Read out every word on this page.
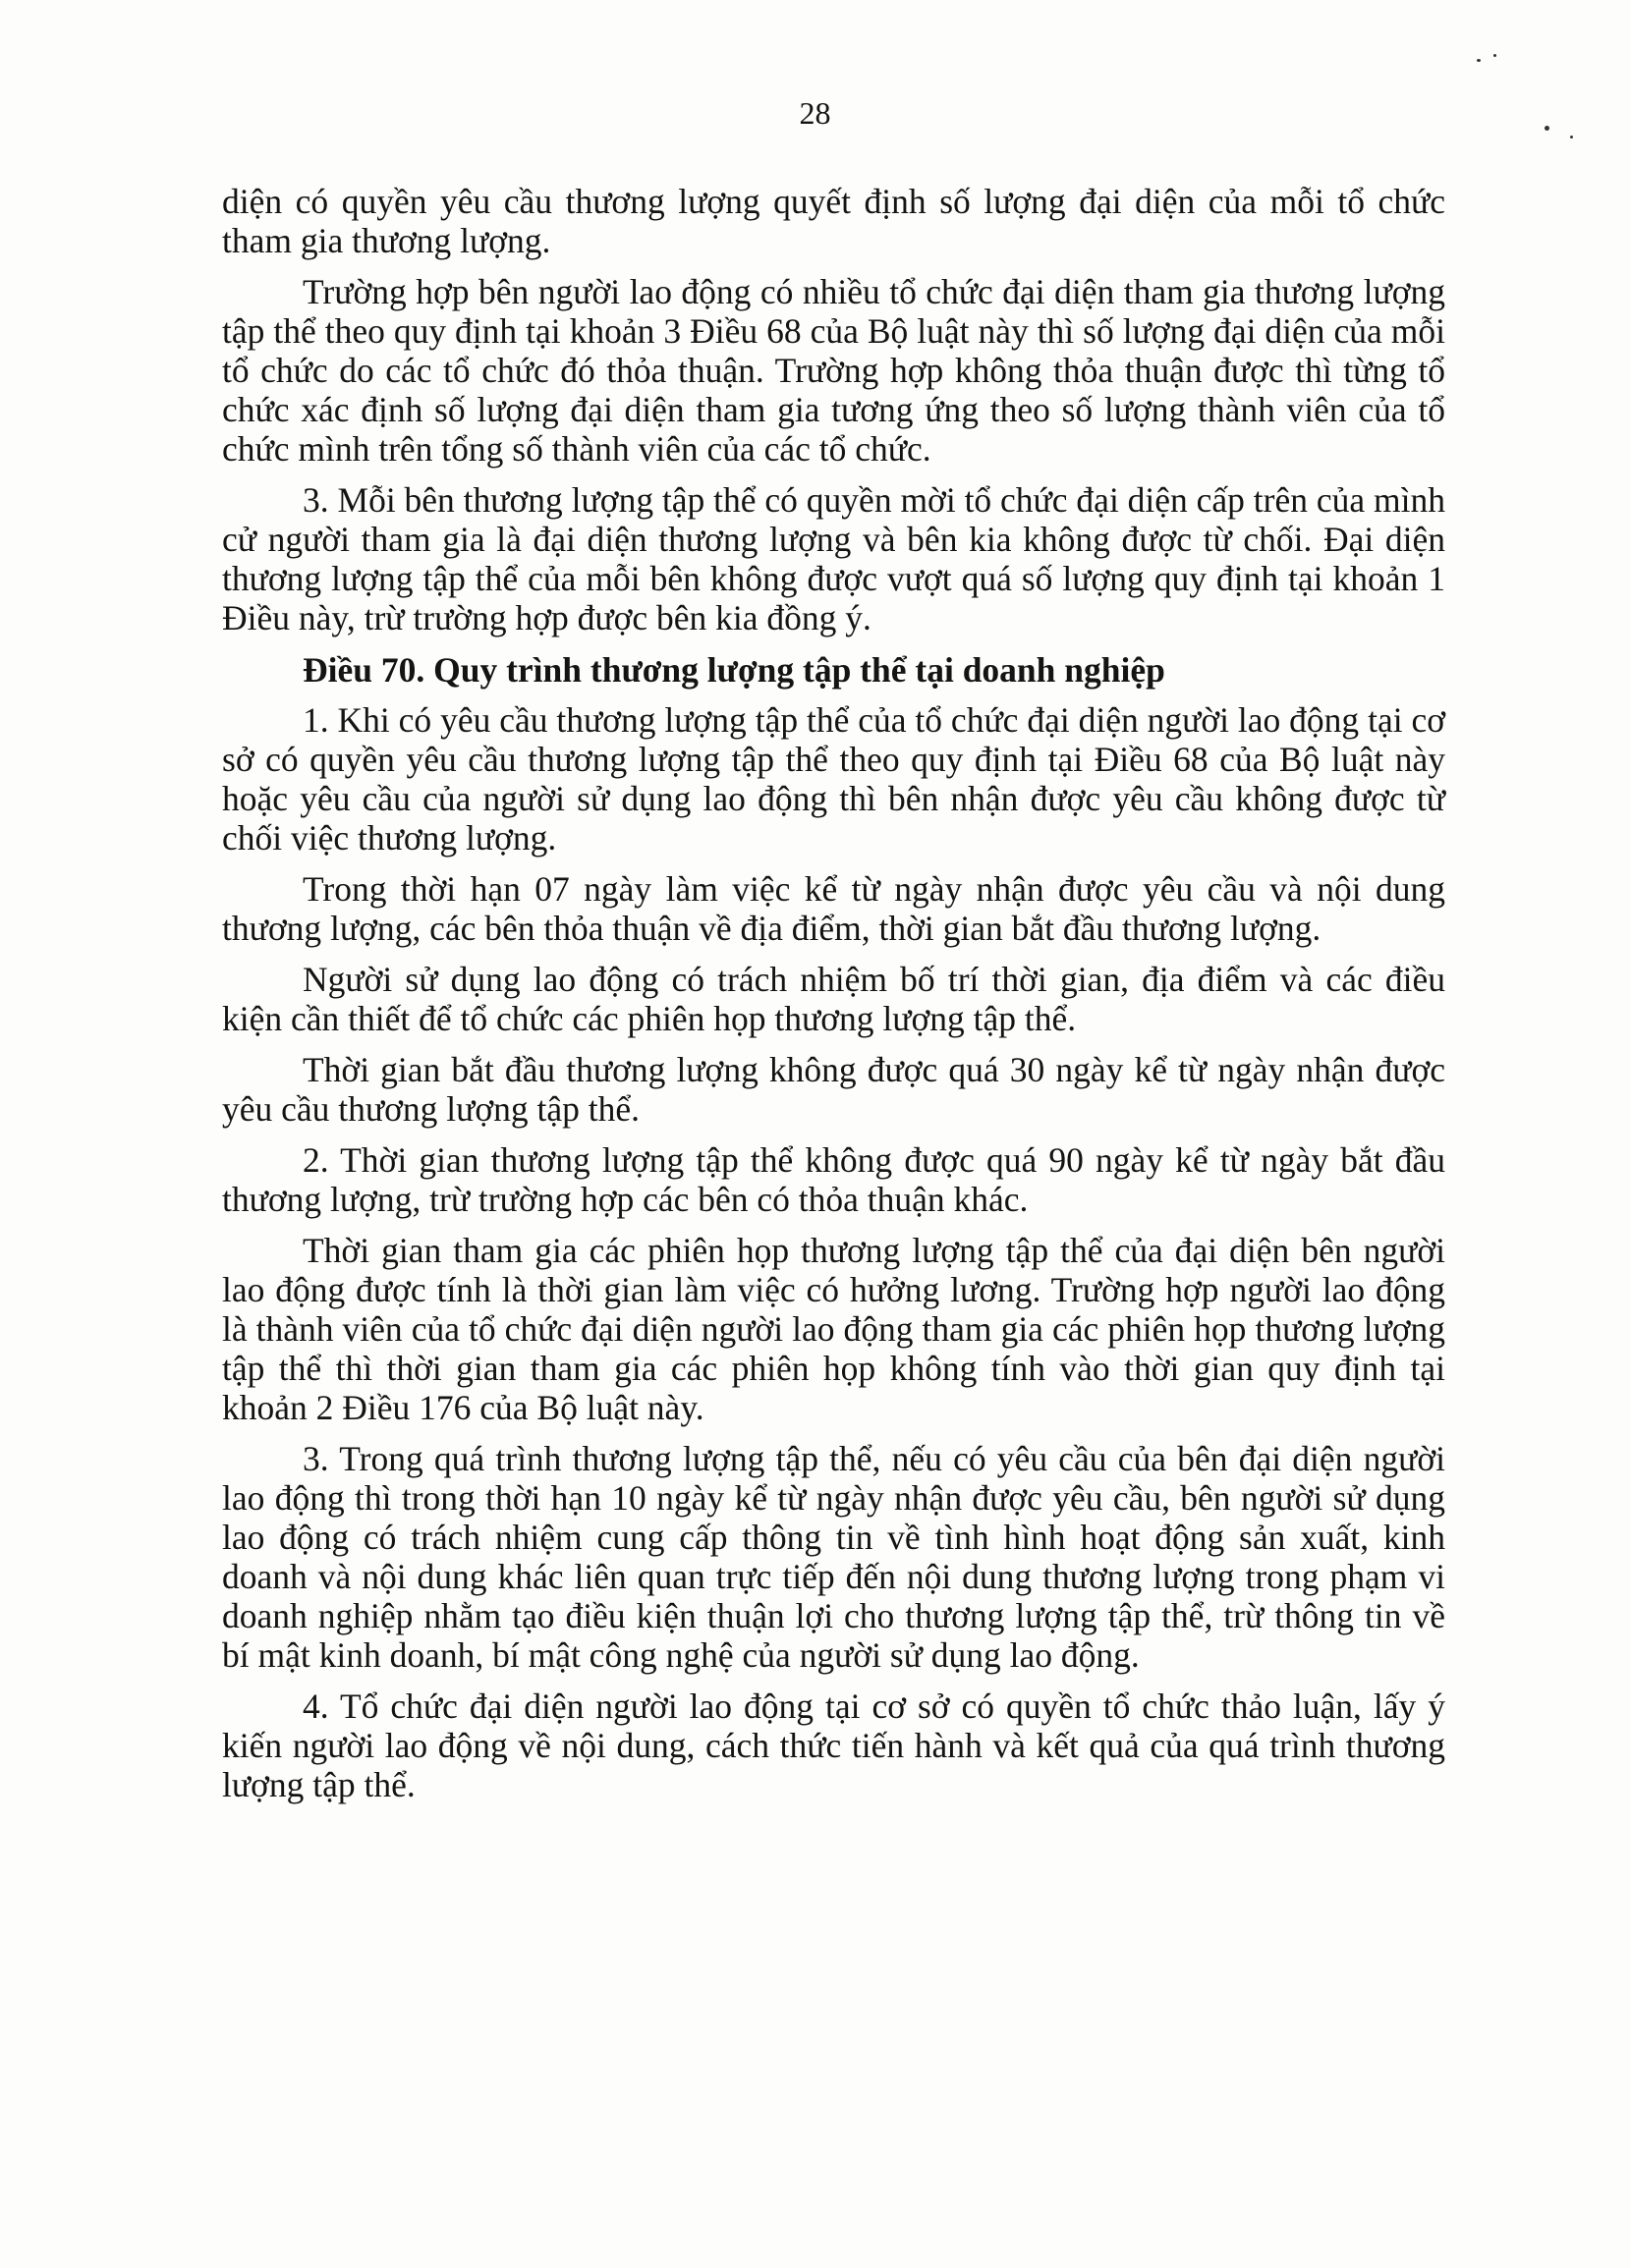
28

diện có quyền yêu cầu thương lượng quyết định số lượng đại diện của mỗi tổ chức tham gia thương lượng.

Trường hợp bên người lao động có nhiều tổ chức đại diện tham gia thương lượng tập thể theo quy định tại khoản 3 Điều 68 của Bộ luật này thì số lượng đại diện của mỗi tổ chức do các tổ chức đó thỏa thuận. Trường hợp không thỏa thuận được thì từng tổ chức xác định số lượng đại diện tham gia tương ứng theo số lượng thành viên của tổ chức mình trên tổng số thành viên của các tổ chức.

3. Mỗi bên thương lượng tập thể có quyền mời tổ chức đại diện cấp trên của mình cử người tham gia là đại diện thương lượng và bên kia không được từ chối. Đại diện thương lượng tập thể của mỗi bên không được vượt quá số lượng quy định tại khoản 1 Điều này, trừ trường hợp được bên kia đồng ý.

Điều 70. Quy trình thương lượng tập thể tại doanh nghiệp

1. Khi có yêu cầu thương lượng tập thể của tổ chức đại diện người lao động tại cơ sở có quyền yêu cầu thương lượng tập thể theo quy định tại Điều 68 của Bộ luật này hoặc yêu cầu của người sử dụng lao động thì bên nhận được yêu cầu không được từ chối việc thương lượng.

Trong thời hạn 07 ngày làm việc kể từ ngày nhận được yêu cầu và nội dung thương lượng, các bên thỏa thuận về địa điểm, thời gian bắt đầu thương lượng.

Người sử dụng lao động có trách nhiệm bố trí thời gian, địa điểm và các điều kiện cần thiết để tổ chức các phiên họp thương lượng tập thể.

Thời gian bắt đầu thương lượng không được quá 30 ngày kể từ ngày nhận được yêu cầu thương lượng tập thể.

2. Thời gian thương lượng tập thể không được quá 90 ngày kể từ ngày bắt đầu thương lượng, trừ trường hợp các bên có thỏa thuận khác.

Thời gian tham gia các phiên họp thương lượng tập thể của đại diện bên người lao động được tính là thời gian làm việc có hưởng lương. Trường hợp người lao động là thành viên của tổ chức đại diện người lao động tham gia các phiên họp thương lượng tập thể thì thời gian tham gia các phiên họp không tính vào thời gian quy định tại khoản 2 Điều 176 của Bộ luật này.

3. Trong quá trình thương lượng tập thể, nếu có yêu cầu của bên đại diện người lao động thì trong thời hạn 10 ngày kể từ ngày nhận được yêu cầu, bên người sử dụng lao động có trách nhiệm cung cấp thông tin về tình hình hoạt động sản xuất, kinh doanh và nội dung khác liên quan trực tiếp đến nội dung thương lượng trong phạm vi doanh nghiệp nhằm tạo điều kiện thuận lợi cho thương lượng tập thể, trừ thông tin về bí mật kinh doanh, bí mật công nghệ của người sử dụng lao động.

4. Tổ chức đại diện người lao động tại cơ sở có quyền tổ chức thảo luận, lấy ý kiến người lao động về nội dung, cách thức tiến hành và kết quả của quá trình thương lượng tập thể.
